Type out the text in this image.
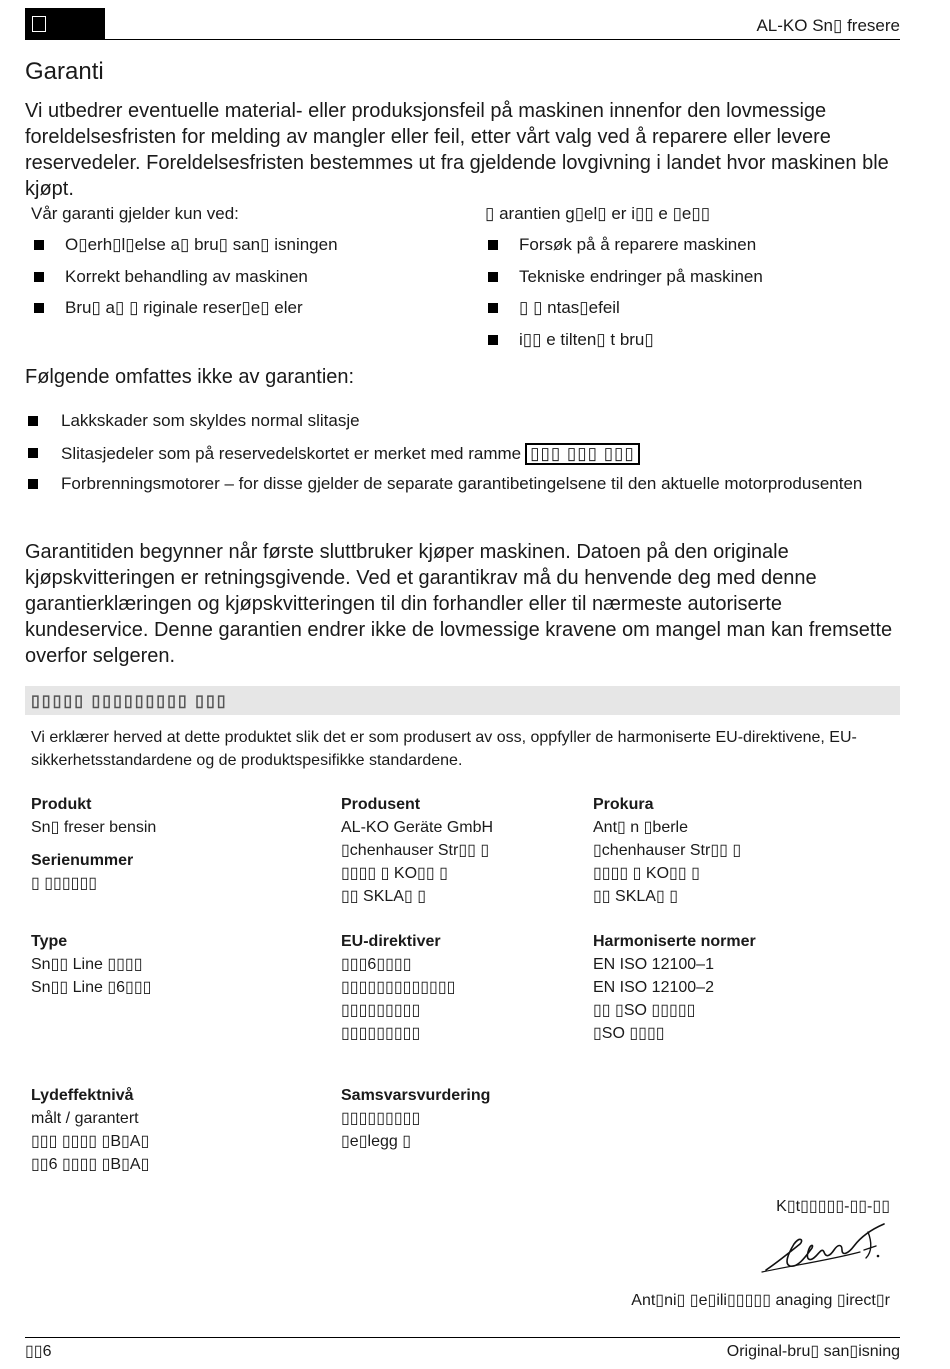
AL-KO Sn▯ fresere
Garanti
Vi utbedrer eventuelle material- eller produksjonsfeil på maskinen innenfor den lovmessige foreldelsesfristen for melding av mangler eller feil, etter vårt valg ved å reparere eller levere reservedeler. Foreldelsesfristen bestemmes ut fra gjeldende lovgivning i landet hvor maskinen ble kjøpt.
Vår garanti gjelder kun ved:
O▯erh▯l▯else a▯ bru▯ san▯ isningen
Korrekt behandling av maskinen
Bru▯ a▯ ▯ riginale reser▯e▯ eler
▯ arantien g▯el▯ er i▯▯ e ▯e▯▯
Forsøk på å reparere maskinen
Tekniske endringer på maskinen
▯ ▯ ntas▯efeil
i▯▯ e tilten▯ t bru▯
Følgende omfattes ikke av garantien:
Lakkskader som skyldes normal slitasje
Slitasjedeler som på reservedelskortet er merket med ramme ▯▯▯ ▯▯▯ ▯▯▯
Forbrenningsmotorer – for disse gjelder de separate garantibetingelsene til den aktuelle motorprodusenten
Garantitiden begynner når første sluttbruker kjøper maskinen. Datoen på den originale kjøpskvitteringen er retningsgivende. Ved et garantikrav må du henvende deg med denne garantierklæringen og kjøpskvitteringen til din forhandler eller til nærmeste autoriserte kundeservice. Denne garantien endrer ikke de lovmessige kravene om mangel man kan fremsette overfor selgeren.
▯▯▯▯▯ ▯▯▯▯▯▯▯▯▯ ▯▯▯
Vi erklærer herved at dette produktet slik det er som produsert av oss, oppfyller de harmoniserte EU-direktivene, EU-sikkerhetsstandardene og de produktspesifikke standardene.
Produkt
Sn▯ freser bensin
Serienummer
▯ ▯▯▯▯▯▯
Produsent
AL-KO Geräte GmbH
▯chenhauser Str▯▯ ▯
▯▯▯▯ ▯ KO▯▯ ▯
▯▯ SKLA▯ ▯
Prokura
Ant▯ n ▯berle
▯chenhauser Str▯▯ ▯
▯▯▯▯ ▯ KO▯▯ ▯
▯▯ SKLA▯ ▯
Type
Sn▯▯ Line ▯▯▯▯
Sn▯▯ Line ▯6▯▯▯
EU-direktiver
▯▯▯6▯▯▯▯
▯▯▯▯▯▯▯▯▯▯▯▯▯
▯▯▯▯▯▯▯▯▯
▯▯▯▯▯▯▯▯▯
Harmoniserte normer
EN ISO 12100–1
EN ISO 12100–2
▯▯ ▯SO ▯▯▯▯▯
▯SO ▯▯▯▯
Lydeffektnivå
målt / garantert
▯▯▯ ▯▯▯▯ ▯B▯A▯
▯▯6 ▯▯▯▯ ▯B▯A▯
Samsvarsvurdering
▯▯▯▯▯▯▯▯▯
▯e▯legg ▯
K▯t▯▯▯▯▯-▯▯-▯▯
Ant▯ni▯ ▯e▯ili▯▯▯▯▯ anaging ▯irect▯r
▯▯6	Original-bru▯ san▯isning
